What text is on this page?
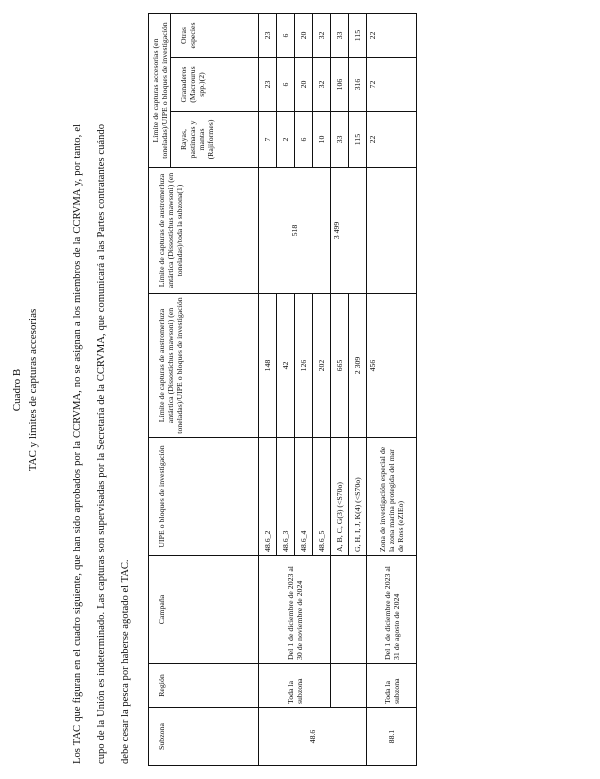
Cuadro B TAC y límites de capturas accesorias	Los TAC que figuran en el cuadro siguiente, que han sido aprobados por la CCRVMA, no se asignan a los miembros de la CCRVMA y, por tanto, el cupo de la Unión es indeterminado. Las capturas son supervisadas por la Secretaría de la CCRVMA, que comunicará a las Partes contratantes cuándo debe cesar la pesca por haberse agotado el TAC.	Subzona	Región	Campaña	UIPE o bloques de investigación	Límite de capturas de austromerluza antártica (Dissostichus mawsoni) (en toneladas)/UIPE o bloques de investigación	Límite de capturas de austromerluza antártica (Dissostichus mawsoni) (en toneladas)/toda la subzona(1)	Límite de capturas accesorias (en toneladas)/UIPE o bloques de investigación		
						Rayas, pastinacas y mantas (Rajiformes)	Granaderos (Macrourus spp.)(2)	Otras especies
48.6	Toda la subzona	Del 1 de diciembre de 2023 al 30 de noviembre de 2024	48.6_2	148	518	7	23	23
			48.6_3	42		2	6	6
			48.6_4	126		6	20	20
			48.6_5	202		10	32	32
			A, B, C, G(3) (<S70o)	665	3 499	33	106	33
			G, H, I, J, K(4) (<S70o)	2 309		115	316	115
88.1	Toda la subzona	Del 1 de diciembre de 2023 al 31 de agosto de 2024	Zona de investigación especial de la zona marina protegida del mar de Ross (eZIEo)	456		22	72	22
